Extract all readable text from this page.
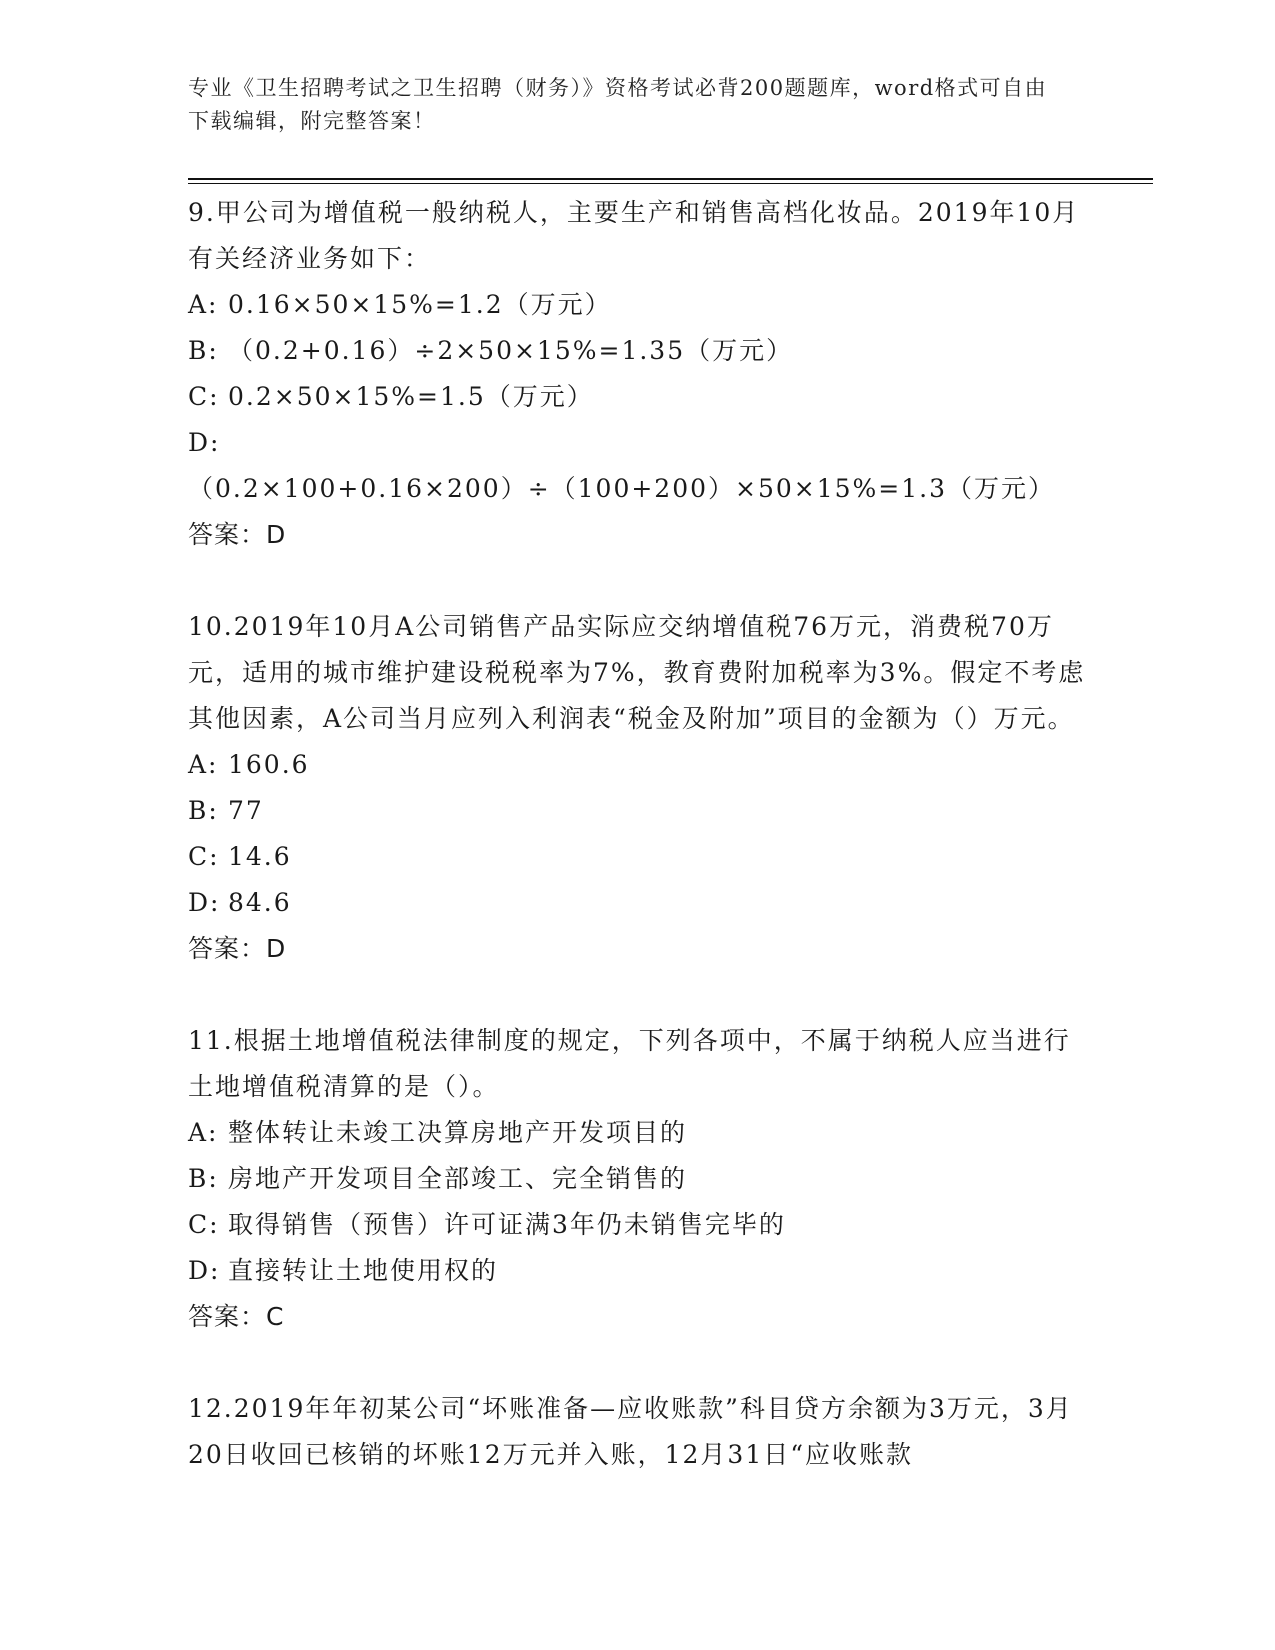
专业《卫生招聘考试之卫生招聘（财务）》资格考试必背200题题库，word格式可自由下载编辑，附完整答案！

9.甲公司为增值税一般纳税人，主要生产和销售高档化妆品。2019年10月有关经济业务如下：

A: 0.16×50×15%=1.2（万元）

B: （0.2+0.16）÷2×50×15%=1.35（万元）

C: 0.2×50×15%=1.5（万元）

D:（0.2×100+0.16×200）÷（100+200）×50×15%=1.3（万元）

答案：D

10.2019年10月A公司销售产品实际应交纳增值税76万元，消费税70万元，适用的城市维护建设税税率为7%，教育费附加税率为3%。假定不考虑其他因素，A公司当月应列入利润表“税金及附加”项目的金额为（）万元。

A: 160.6

B: 77

C: 14.6

D: 84.6

答案：D

11.根据土地增值税法律制度的规定，下列各项中，不属于纳税人应当进行土地增值税清算的是（）。

A: 整体转让未竣工决算房地产开发项目的

B: 房地产开发项目全部竣工、完全销售的

C: 取得销售（预售）许可证满3年仍未销售完毕的

D: 直接转让土地使用权的

答案：C

12.2019年年初某公司“坏账准备—应收账款”科目贷方余额为3万元，3月20日收回已核销的坏账12万元并入账，12月31日“应收账款
